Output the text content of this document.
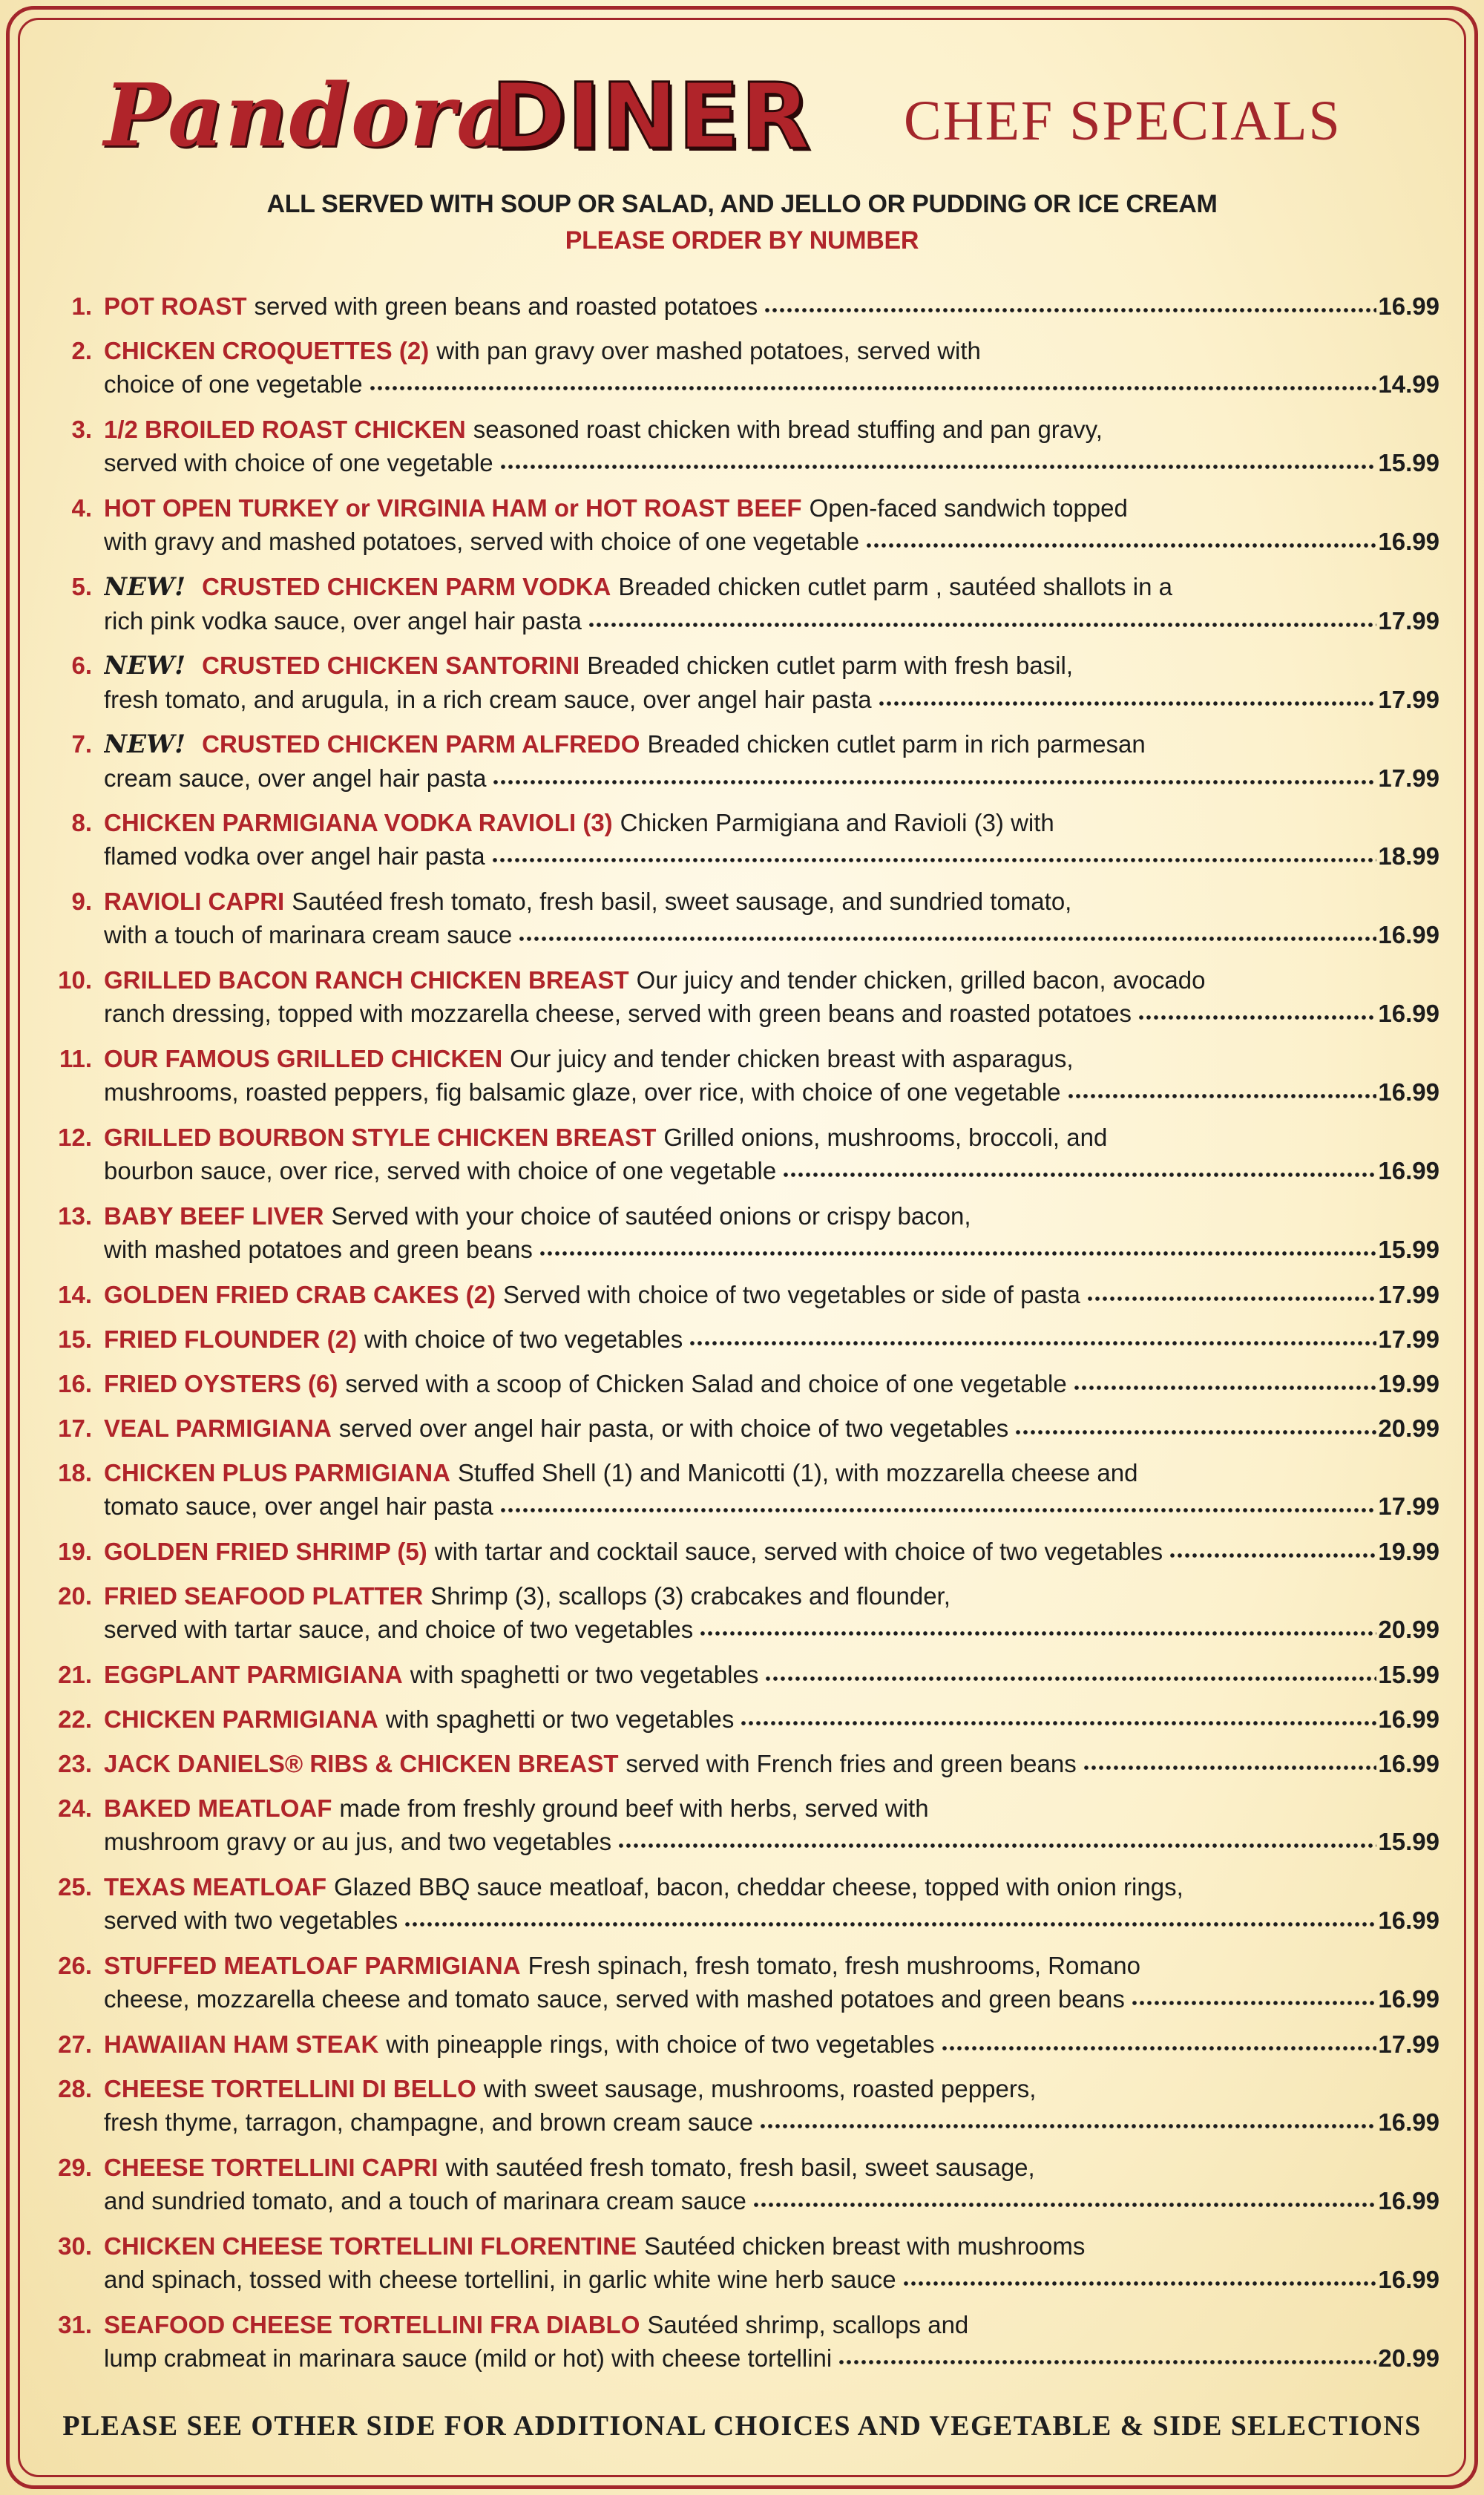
Pandora
DINER CHEF SPECIALS
ALL SERVED WITH SOUP OR SALAD, AND JELLO OR PUDDING OR ICE CREAM
PLEASE ORDER BY NUMBER
1. POT ROAST served with green beans and roasted potatoes	16.99
2. CHICKEN CROQUETTES (2) with pan gravy over mashed potatoes, served with
choice of one vegetable	14.99
3. 1/2 BROILED ROAST CHICKEN seasoned roast chicken with bread stuffing and pan gravy,
served with choice of one vegetable	15.99
4. HOT OPEN TURKEY or VIRGINIA HAM or HOT ROAST BEEF Open-faced sandwich topped
with gravy and mashed potatoes, served with choice of one vegetable	16.99
5. NEW! CRUSTED CHICKEN PARM VODKA Breaded chicken cutlet parm , sautéed shallots in a
rich pink vodka sauce, over angel hair pasta	17.99
6. NEW! CRUSTED CHICKEN SANTORINI Breaded chicken cutlet parm with fresh basil,
fresh tomato, and arugula, in a rich cream sauce, over angel hair pasta	17.99
7. NEW! CRUSTED CHICKEN PARM ALFREDO Breaded chicken cutlet parm in rich parmesan
cream sauce, over angel hair pasta	17.99
8. CHICKEN PARMIGIANA VODKA RAVIOLI (3) Chicken Parmigiana and Ravioli (3) with
flamed vodka over angel hair pasta	18.99
9. RAVIOLI CAPRI Sautéed fresh tomato, fresh basil, sweet sausage, and sundried tomato,
with a touch of marinara cream sauce	16.99
10. GRILLED BACON RANCH CHICKEN BREAST Our juicy and tender chicken, grilled bacon, avocado
ranch dressing, topped with mozzarella cheese, served with green beans and roasted potatoes	16.99
11. OUR FAMOUS GRILLED CHICKEN Our juicy and tender chicken breast with asparagus,
mushrooms, roasted peppers, fig balsamic glaze, over rice, with choice of one vegetable	16.99
12. GRILLED BOURBON STYLE CHICKEN BREAST Grilled onions, mushrooms, broccoli, and
bourbon sauce, over rice, served with choice of one vegetable	16.99
13. BABY BEEF LIVER Served with your choice of sautéed onions or crispy bacon,
with mashed potatoes and green beans	15.99
14. GOLDEN FRIED CRAB CAKES (2) Served with choice of two vegetables or side of pasta	17.99
15. FRIED FLOUNDER (2) with choice of two vegetables	17.99
16. FRIED OYSTERS (6) served with a scoop of Chicken Salad and choice of one vegetable	19.99
17. VEAL PARMIGIANA served over angel hair pasta, or with choice of two vegetables	20.99
18. CHICKEN PLUS PARMIGIANA Stuffed Shell (1) and Manicotti (1), with mozzarella cheese and
tomato sauce, over angel hair pasta	17.99
19. GOLDEN FRIED SHRIMP (5) with tartar and cocktail sauce, served with choice of two vegetables	19.99
20. FRIED SEAFOOD PLATTER Shrimp (3), scallops (3) crabcakes and flounder,
served with tartar sauce, and choice of two vegetables	20.99
21. EGGPLANT PARMIGIANA with spaghetti or two vegetables	15.99
22. CHICKEN PARMIGIANA with spaghetti or two vegetables	16.99
23. JACK DANIELS® RIBS & CHICKEN BREAST served with French fries and green beans	16.99
24. BAKED MEATLOAF made from freshly ground beef with herbs, served with
mushroom gravy or au jus, and two vegetables	15.99
25. TEXAS MEATLOAF Glazed BBQ sauce meatloaf, bacon, cheddar cheese, topped with onion rings,
served with two vegetables	16.99
26. STUFFED MEATLOAF PARMIGIANA Fresh spinach, fresh tomato, fresh mushrooms, Romano
cheese, mozzarella cheese and tomato sauce, served with mashed potatoes and green beans	16.99
27. HAWAIIAN HAM STEAK with pineapple rings, with choice of two vegetables	17.99
28. CHEESE TORTELLINI DI BELLO with sweet sausage, mushrooms, roasted peppers,
fresh thyme, tarragon, champagne, and brown cream sauce	16.99
29. CHEESE TORTELLINI CAPRI with sautéed fresh tomato, fresh basil, sweet sausage,
and sundried tomato, and a touch of marinara cream sauce	16.99
30. CHICKEN CHEESE TORTELLINI FLORENTINE Sautéed chicken breast with mushrooms
and spinach, tossed with cheese tortellini, in garlic white wine herb sauce	16.99
31. SEAFOOD CHEESE TORTELLINI FRA DIABLO Sautéed shrimp, scallops and
lump crabmeat in marinara sauce (mild or hot) with cheese tortellini	20.99
PLEASE SEE OTHER SIDE FOR ADDITIONAL CHOICES AND VEGETABLE & SIDE SELECTIONS
